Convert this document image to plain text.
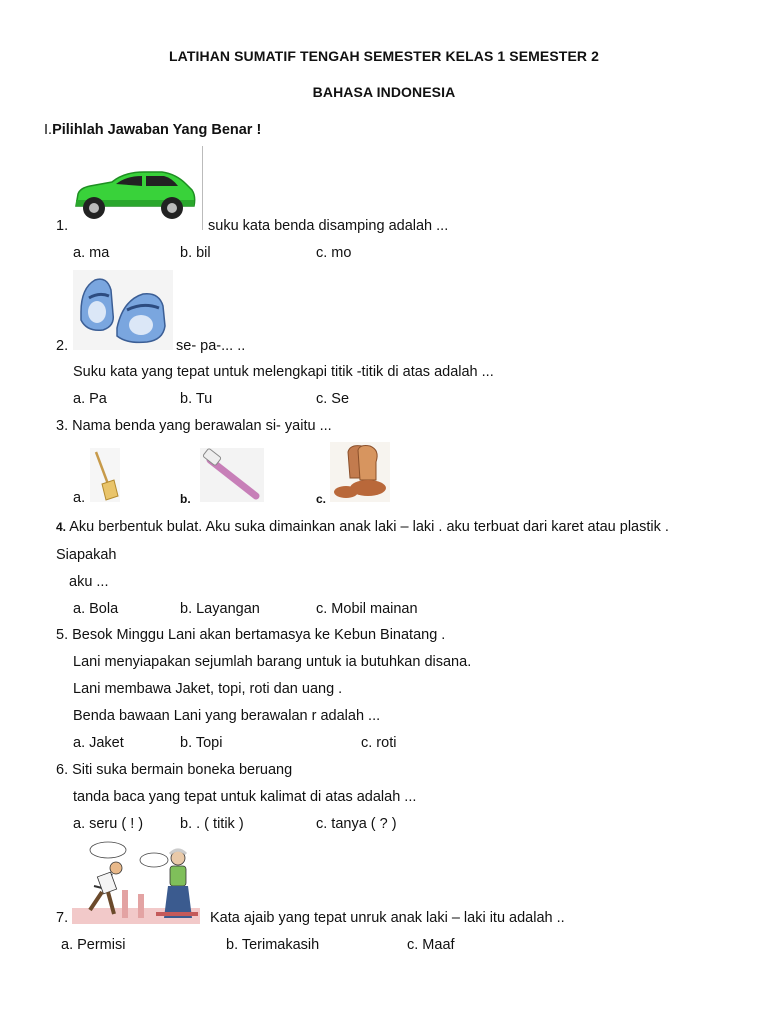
LATIHAN SUMATIF TENGAH SEMESTER KELAS 1 SEMESTER 2
BAHASA INDONESIA
I.Pilihlah Jawaban Yang Benar !
1.	suku kata benda disamping adalah ...
a. ma	b. bil	c. mo
2.	se- pa-... ..
Suku kata yang tepat untuk melengkapi titik -titik di atas adalah ...
a. Pa	b. Tu	c. Se
3. Nama benda yang berawalan si- yaitu ...
a.	b.	c.
4. Aku berbentuk bulat. Aku suka dimainkan anak laki – laki . aku terbuat dari karet atau plastik .
Siapakah
aku ...
a. Bola	b. Layangan	c. Mobil mainan
5. Besok Minggu Lani akan bertamasya ke Kebun Binatang .
Lani menyiapakan sejumlah barang untuk ia butuhkan disana.
Lani membawa Jaket, topi, roti dan uang .
Benda bawaan Lani yang berawalan r adalah ...
a. Jaket	b. Topi	c. roti
6. Siti suka bermain boneka beruang
tanda baca yang tepat untuk kalimat di atas adalah ...
a. seru ( ! )	b. . ( titik )	c. tanya ( ? )
7.	Kata ajaib yang tepat unruk anak laki – laki itu adalah ..
a. Permisi	b. Terimakasih	c. Maaf
